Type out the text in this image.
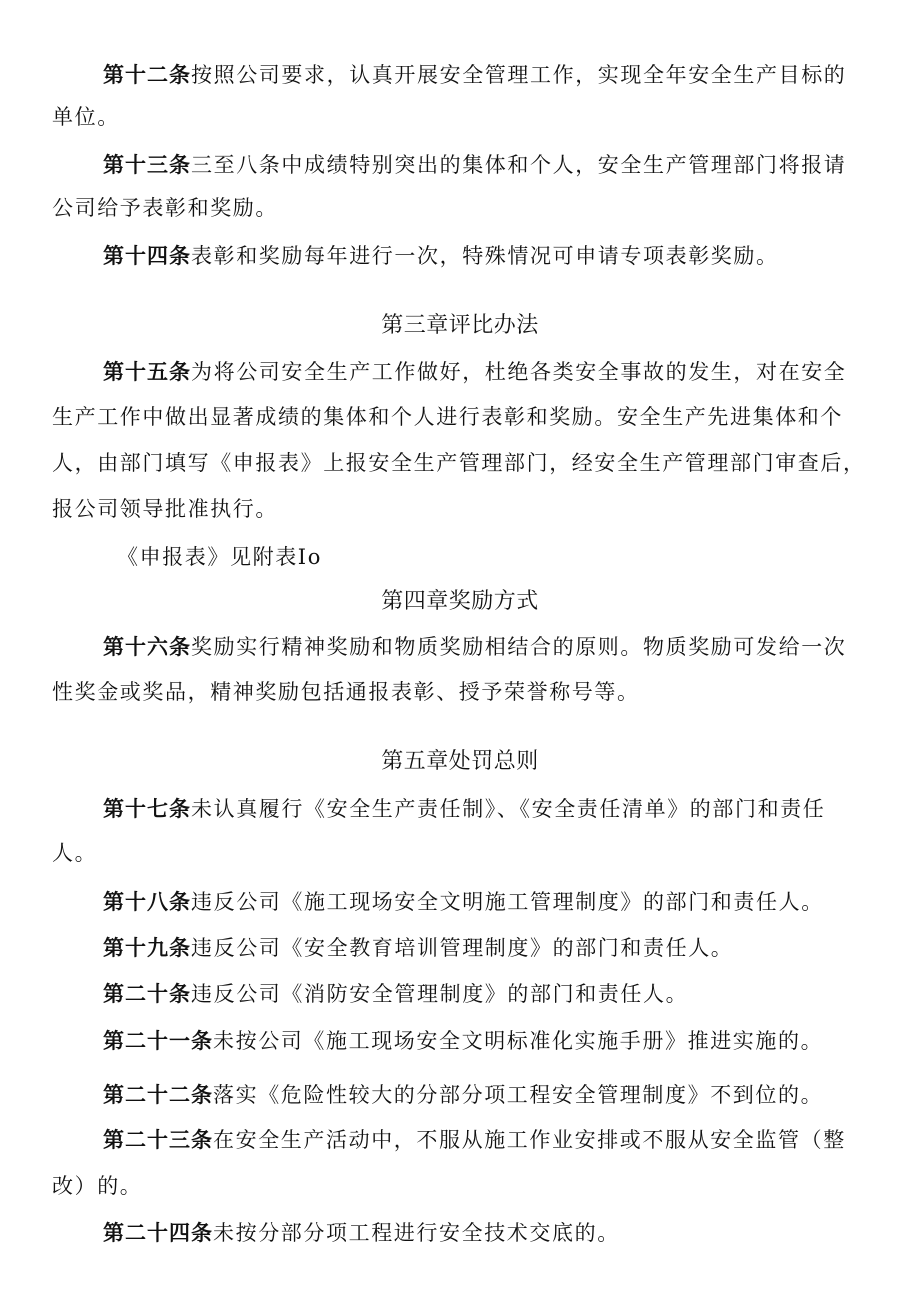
第十二条按照公司要求，认真开展安全管理工作，实现全年安全生产目标的
单位。
第十三条三至八条中成绩特别突出的集体和个人，安全生产管理部门将报请
公司给予表彰和奖励。
第十四条表彰和奖励每年进行一次，特殊情况可申请专项表彰奖励。
第三章评比办法
第十五条为将公司安全生产工作做好，杜绝各类安全事故的发生，对在安全
生产工作中做出显著成绩的集体和个人进行表彰和奖励。安全生产先进集体和个
人，由部门填写《申报表》上报安全生产管理部门，经安全生产管理部门审查后，
报公司领导批准执行。
《申报表》见附表Io
第四章奖励方式
第十六条奖励实行精神奖励和物质奖励相结合的原则。物质奖励可发给一次
性奖金或奖品，精神奖励包括通报表彰、授予荣誉称号等。
第五章处罚总则
第十七条未认真履行《安全生产责任制》、《安全责任清单》的部门和责任
人。
第十八条违反公司《施工现场安全文明施工管理制度》的部门和责任人。
第十九条违反公司《安全教育培训管理制度》的部门和责任人。
第二十条违反公司《消防安全管理制度》的部门和责任人。
第二十一条未按公司《施工现场安全文明标准化实施手册》推进实施的。
第二十二条落实《危险性较大的分部分项工程安全管理制度》不到位的。
第二十三条在安全生产活动中，不服从施工作业安排或不服从安全监管（整
改）的。
第二十四条未按分部分项工程进行安全技术交底的。
